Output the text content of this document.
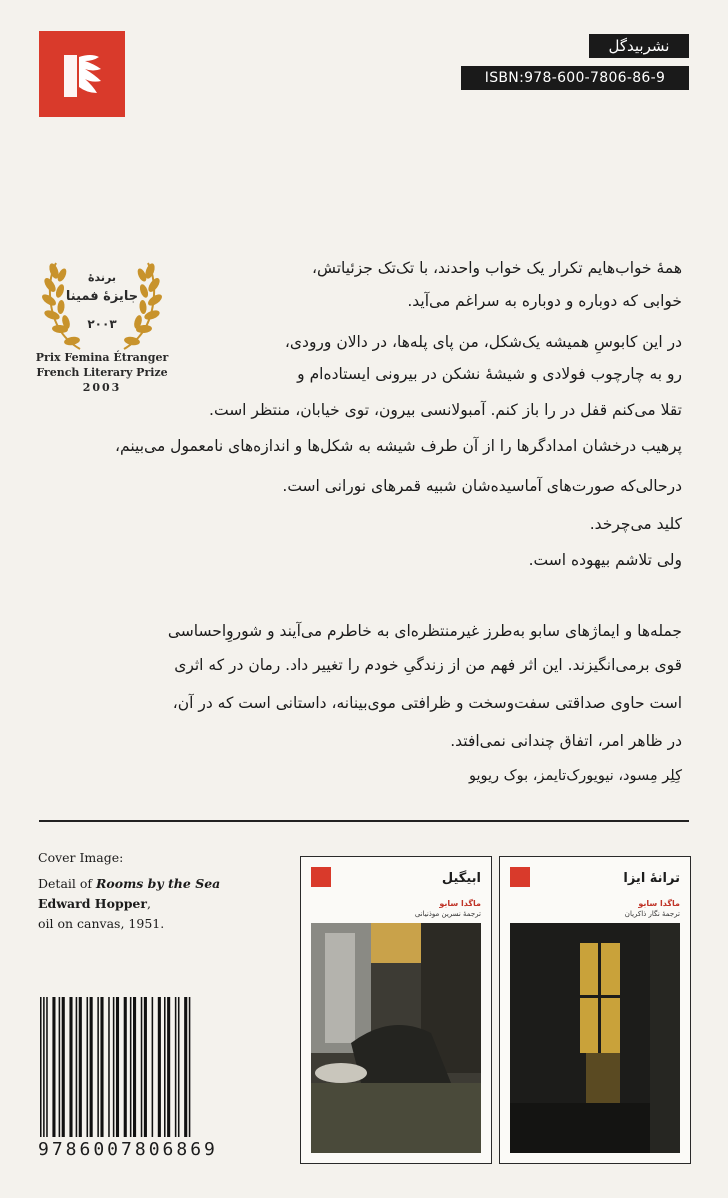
نشربیدگل
ISBN:978-600-7806-86-9
برندۀ
جایزۀ فمینا
۲۰۰۳
Prix Femina Étranger
French Literary Prize
2003
همۀ خواب‌هایم تکرار یک خواب واحدند، با تک‌تک جزئیاتش،
خوابی که دوباره و دوباره به سراغم می‌آید.
در این کابوسِ همیشه یک‌شکل، من پای پله‌ها، در دالان ورودی،
رو به چارچوب فولادی و شیشۀ نشکن در بیرونی ایستاده‌ام و
تقلا می‌کنم قفل در را باز کنم. آمبولانسی بیرون، توی خیابان، منتظر است.
پرهیب درخشان امدادگرها را از آن طرف شیشه به شکل‌ها و اندازه‌های نامعمول می‌بینم،
درحالی‌که صورت‌های آماسیده‌شان شبیه قمرهای نورانی است.
کلید می‌چرخد.
ولی تلاشم بیهوده است.
جمله‌ها و ایماژهای سابو به‌طرز غیرمنتظره‌ای به خاطرم می‌آیند و شوروِاحساسی
قوی برمی‌انگیزند. این اثر فهم من از زندگیِ خودم را تغییر داد. رمان در که اثری
است حاوی صداقتی سفت‌وسخت و ظرافتی موی‌بینانه، داستانی است که در آن،
در ظاهر امر، اتفاق چندانی نمی‌افتد.
کِلِر مِسود، نیویورک‌تایمز، بوک ریویو
Cover Image:
Detail of Rooms by the Sea
Edward Hopper,
oil on canvas, 1951.
9786007806869
ابیگیل
ماگدا سابو
ترجمۀ نسرین موذنیانی
ترانۀ ایزا
ماگدا سابو
ترجمۀ نگار ذاکریان
